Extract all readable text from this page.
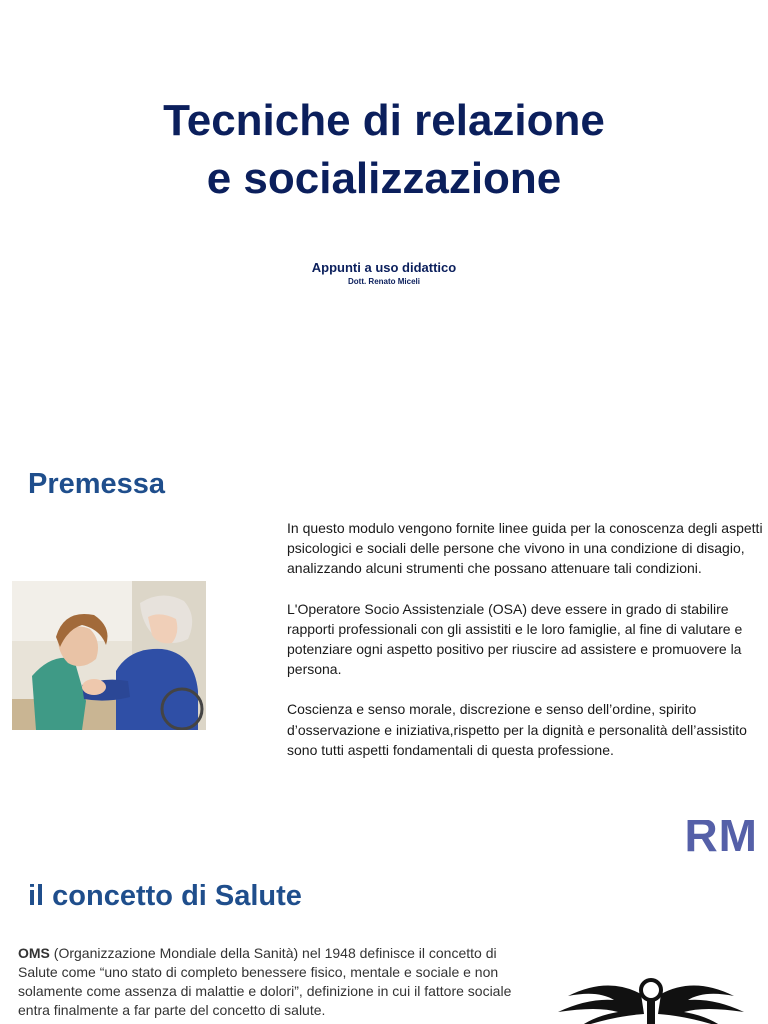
Tecniche di relazione
e socializzazione
Appunti a uso didattico
Dott. Renato Miceli
Premessa

In questo modulo vengono fornite linee guida per la conoscenza degli aspetti psicologici e sociali delle persone che vivono in una condizione di disagio, analizzando alcuni strumenti che possano attenuare tali condizioni.

L'Operatore Socio Assistenziale (OSA) deve essere in grado di stabilire rapporti professionali con gli assistiti e le loro famiglie, al fine di valutare e potenziare ogni aspetto positivo per riuscire ad assistere e promuovere la persona.

Coscienza e senso morale, discrezione e senso dell’ordine, spirito d’osservazione e iniziativa,rispetto per la dignità e personalità dell’assistito sono tutti aspetti fondamentali di questa professione.

RM
il concetto di Salute
OMS (Organizzazione Mondiale della Sanità) nel 1948 definisce il concetto di Salute come “uno stato di completo benessere fisico, mentale e sociale e non solamente come assenza di malattie e dolori”, definizione in cui il fattore sociale entra finalmente a far parte del concetto di salute.
